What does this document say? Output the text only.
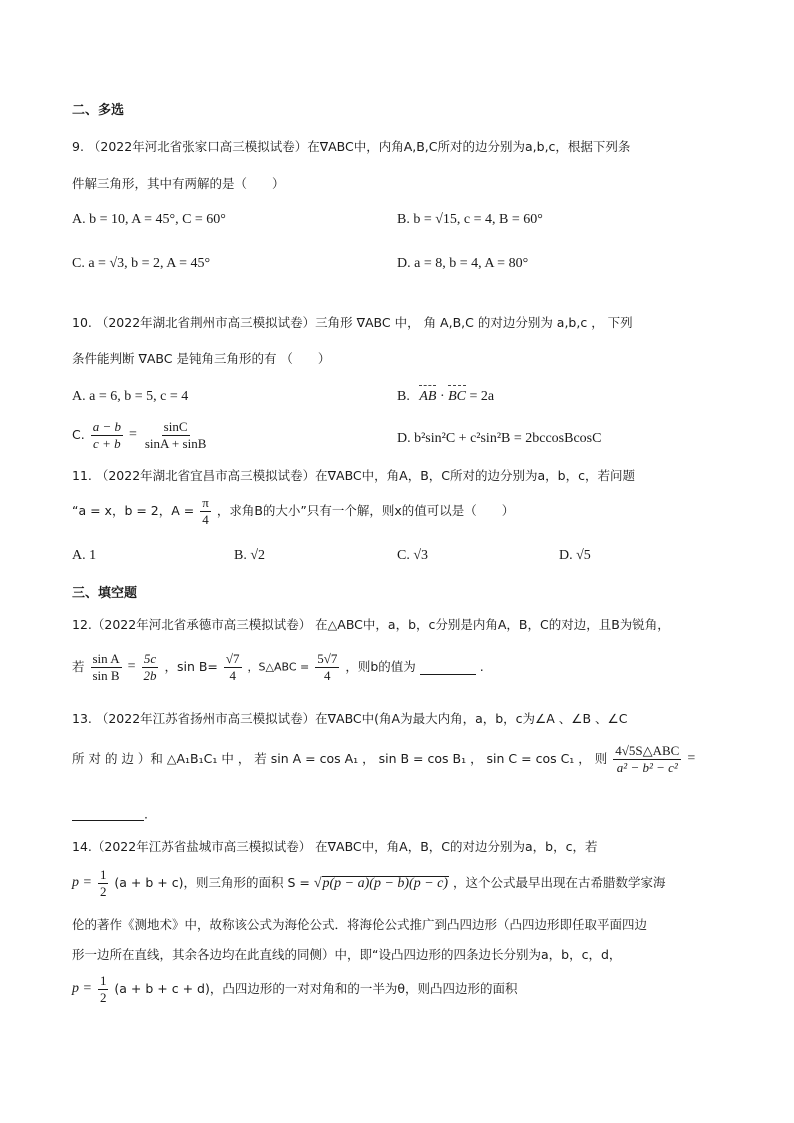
二、多选
9. （2022年河北省张家口高三模拟试卷）在∇ABC中，内角A,B,C所对的边分别为a,b,c，根据下列条
件解三角形，其中有两解的是（　　）
A. b = 10, A = 45°, C = 60°	B. b = √15, c = 4, B = 60°
C. a = √3, b = 2, A = 45°	D. a = 8, b = 4, A = 80°
10. （2022年湖北省荆州市高三模拟试卷）三角形 ∇ABC 中， 角 A,B,C 的对边分别为 a,b,c ， 下列
条件能判断 ∇ABC 是钝角三角形的有 （　　）
A. a = 6, b = 5, c = 4	B. AB · BC = 2a
C. $\frac{a - b}{c + b} = \frac{\sin C}{\sin A + \sin B}$	D. b²sin²C + c²sin²B = 2bccosBcosC
11. （2022年湖北省宜昌市高三模拟试卷）在∇ABC中，角A，B，C所对的边分别为a，b，c，若问题
“a = x，b = 2，$A = \frac{\pi}{4}$ ，求角B的大小”只有一个解，则x的值可以是（　　）
A. 1	B. √2	C. √3	D. √5
三、填空题
12.（2022年河北省承德市高三模拟试卷） 在△ABC中，a，b，c分别是内角A，B，C的对边，且B为锐角，
若 $\frac{\text{sin A}}{\text{sin B}} = \frac{5c}{2b}$ ，$\sin B= \frac{√7}{4}$ ，S△ABC = $\frac{5√7}{4}$ ，则b的值为	.
13. （2022年江苏省扬州市高三模拟试卷）在∇ABC中(角A为最大内角，a，b，c为∠A 、∠B 、∠C
所 对 的 边 ）和 △A₁B₁C₁ 中 ， 若 sin A = cos A₁ ， sin B = cos B₁ ， sin C = cos C₁ ， 则
4√5S△ABC
a² − b² − c²
=
.
14.（2022年江苏省盐城市高三模拟试卷） 在∇ABC中，角A，B，C的对边分别为a，b，c，若
$p = \frac{1}{2} (a + b + c)$，则三角形的面积 S = √p(p − a)(p − b)(p − c) ，这个公式最早出现在古希腊数学家海
伦的著作《测地术》中，故称该公式为海伦公式．将海伦公式推广到凸四边形（凸四边形即任取平面四边
形一边所在直线，其余各边均在此直线的同侧）中，即“设凸四边形的四条边长分别为a，b，c，d，
$p = \frac{1}{2} (a + b + c + d)$，凸四边形的一对对角和的一半为θ，则凸四边形的面积
